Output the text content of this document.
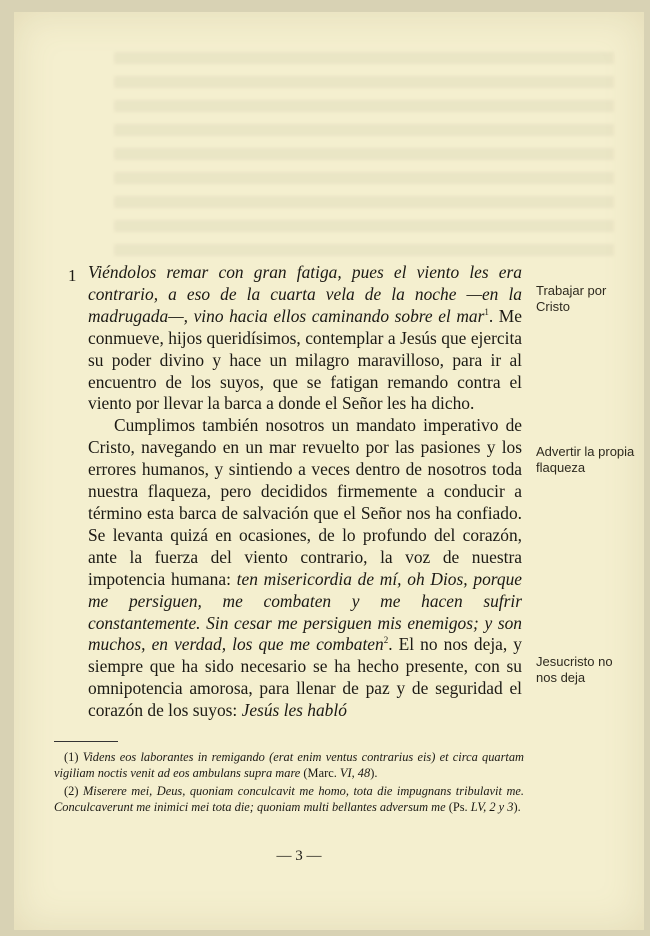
1 Viéndolos remar con gran fatiga, pues el viento les era contrario, a eso de la cuarta vela de la noche —en la madrugada—, vino hacia ellos caminando sobre el mar$^1$. Me conmueve, hijos queridísimos, contemplar a Jesús que ejercita su poder divino y hace un milagro maravilloso, para ir al encuentro de los suyos, que se fatigan remando contra el viento por llevar la barca a donde el Señor les ha dicho.

Cumplimos también nosotros un mandato imperativo de Cristo, navegando en un mar revuelto por las pasiones y los errores humanos, y sintiendo a veces dentro de nosotros toda nuestra flaqueza, pero decididos firmemente a conducir a término esta barca de salvación que el Señor nos ha confiado. Se levanta quizá en ocasiones, de lo profundo del corazón, ante la fuerza del viento contrario, la voz de nuestra impotencia humana: ten misericordia de mí, oh Dios, porque me persiguen, me combaten y me hacen sufrir constantemente. Sin cesar me persiguen mis enemigos; y son muchos, en verdad, los que me combaten$^2$. El no nos deja, y siempre que ha sido necesario se ha hecho presente, con su omnipotencia amorosa, para llenar de paz y de seguridad el corazón de los suyos: Jesús les habló

Trabajar por Cristo
Advertir la propia flaqueza
Jesucristo no nos deja

(1) Videns eos laborantes in remigando (erat enim ventus contrarius eis) et circa quartam vigiliam noctis venit ad eos ambulans supra mare (Marc. VI, 48).

(2) Miserere mei, Deus, quoniam conculcavit me homo, tota die impugnans tribulavit me. Conculcaverunt me inimici mei tota die; quoniam multi bellantes adversum me (Ps. LV, 2 y 3).

— 3 —
